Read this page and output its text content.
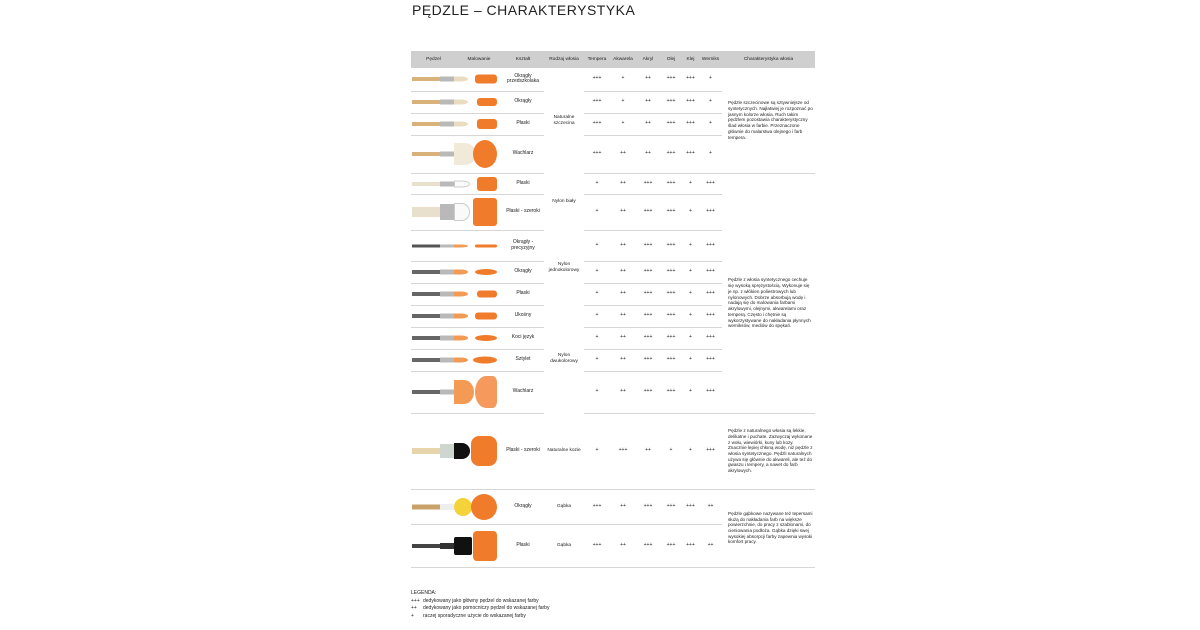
PĘDZLE – CHARAKTERYSTYKA
Pędzel	Malowanie	Kształt	Rodzaj włosia	Tempera	Akwarela	Akryl	Olej	Klej	Werniks	Charakterystyka włosia

		Okrągły przedszkolaka	Naturalne szczecina	+++	+	++	+++	+++	+	Pędzle szczecinowe są sztywniejsze od syntetycznych. Najłatwiej je rozpoznać po jasnym kolorze włosia. Ruch takim pędzlem pozostawia charakterystyczny ślad włosia w farbie. Przeznaczone głównie do malarstwa olejnego i farb tempera.

		Okrągły		+++	+	++	+++	+++	+	

		Płaski		+++	+	++	+++	+++	+	

		Wachlarz		+++	++	++	+++	+++	+	

		Płaski	Nylon biały	+	++	+++	+++	+	+++	

		Płaski - szeroki		+	++	+++	+++	+	+++	Pędzle z włosia syntetycznego cechuje się wysoką sprężystością. Wykonuje się je np. z włókien poliestrowych lub nylonowych. Dobrze absorbują wodę i nadają się do malowania farbami akrylowymi, olejnymi, akwarelami oraz temperą. Często i chętnie są wykorzystywane do nakładania płynnych werniksów, mediów do spękań.

		Okrągły - precyzyjny	Nylon jednokolorowy	+	++	+++	+++	+	+++	

		Okrągły		+	++	+++	+++	+	+++	

		Płaski		+	++	+++	+++	+	+++	

		Ukośny	Nylon dwukolorowy	+	++	+++	+++	+	+++	

		Koci język		+	++	+++	+++	+	+++	

		Sztylet		+	++	+++	+++	+	+++	

		Wachlarz		+	++	+++	+++	+	+++	

		Płaski - szeroki	Naturalne kozie	+	+++	++	+	+	+++	Pędzle z naturalnego włosia są lekkie, delikatne i puchate. Zazwyczaj wykonane z wołu, wiewiórki, kuny lub kozy. Znacznie lepiej chłoną wodę, niż pędzle z włosia syntetycznego. Pędzli naturalnych używa się głównie do akwareli, ale też do gwaszu i tempery, a nawet do farb akrylowych.

		Okrągły	Gąbka	+++	++	+++	+++	+++	++	Pędzle gąbkowe nazywane też tepersami służą do nakładania farb na większe powierzchnie, do pracy z szablonami, do cieniowania podłoża. Gąbka dzięki swej wysokiej absorpcji farby zapewnia wysoki komfort pracy.

		Płaski	Gąbka	+++	++	+++	+++	+++	++	
LEGENDA:
+++ dedykowany jako główny pędzel do wskazanej farby
++ dedykowany jako pomocniczy pędzel do wskazanej farby
+ raczej sporadyczne użycie do wskazanej farby
